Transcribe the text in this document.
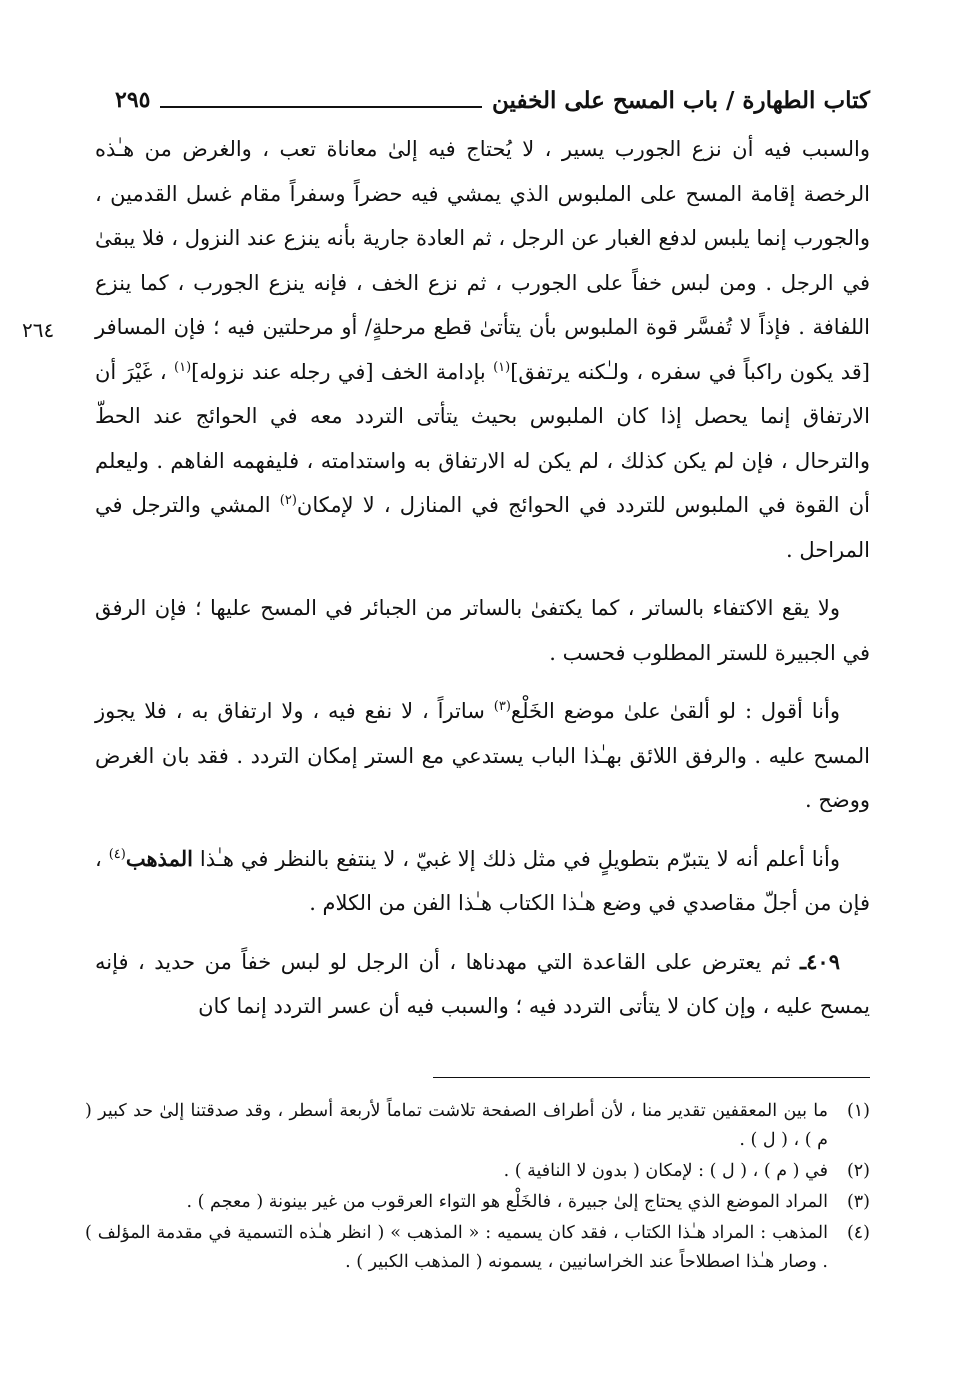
كتاب الطهارة / باب المسح على الخفين
٢٩٥
٢٦٤

والسبب فيه أن نزع الجورب يسير ، لا يُحتاج فيه إلىٰ معاناة تعب ، والغرض من هـٰذه الرخصة إقامة المسح على الملبوس الذي يمشي فيه حضراً وسفراً مقام غسل القدمين ، والجورب إنما يلبس لدفع الغبار عن الرجل ، ثم العادة جارية بأنه ينزع عند النزول ، فلا يبقىٰ في الرجل . ومن لبس خفاً على الجورب ، ثم نزع الخف ، فإنه ينزع الجورب ، كما ينزع اللفافة . فإذاً لا تُفسَّر قوة الملبوس بأن يتأتىٰ قطع مرحلةٍ/ أو مرحلتين فيه ؛ فإن المسافر [قد يكون راكباً في سفره ، ولـٰكنه يرتفق]$^{(١)}$ بإدامة الخف [في رجله عند نزوله]$^{(١)}$ ، غَيْرَ أن الارتفاق إنما يحصل إذا كان الملبوس بحيث يتأتى التردد معه في الحوائج عند الحطّ والترحال ، فإن لم يكن كذلك ، لم يكن له الارتفاق به واستدامته ، فليفهمه الفاهم . وليعلم أن القوة في الملبوس للتردد في الحوائج في المنازل ، لا لإمكان$^{(٢)}$ المشي والترجل في المراحل .

ولا يقع الاكتفاء بالساتر ، كما يكتفىٰ بالساتر من الجبائر في المسح عليها ؛ فإن الرفق في الجبيرة للستر المطلوب فحسب .

وأنا أقول : لو ألقىٰ علىٰ موضع الخَلْع$^{(٣)}$ ساتراً ، لا نفع فيه ، ولا ارتفاق به ، فلا يجوز المسح عليه . والرفق اللائق بهـٰذا الباب يستدعي مع الستر إمكان التردد . فقد بان الغرض ووضح .

وأنا أعلم أنه لا يتبرّم بتطويلٍ في مثل ذلك إلا غبيّ ، لا ينتفع بالنظر في هـٰذا المذهب$^{(٤)}$ ، فإن من أجلّ مقاصدي في وضع هـٰذا الكتاب هـٰذا الفن من الكلام .

٤٠٩ـ ثم يعترض على القاعدة التي مهدناها ، أن الرجل لو لبس خفاً من حديد ، فإنه يمسح عليه ، وإن كان لا يتأتى التردد فيه ؛ والسبب فيه أن عسر التردد إنما كان

(١)
ما بين المعقفين تقدير منا ، لأن أطراف الصفحة تلاشت تماماً لأربعة أسطر ، وقد صدقتنا إلىٰ حد كبير ( م ) ، ( ل ) .
(٢)
في ( م ) ، ( ل ) : لإمكان ( بدون لا النافية ) .
(٣)
المراد الموضع الذي يحتاج إلىٰ جبيرة ، فالخَلْع هو التواء العرقوب من غير بينونة ( معجم ) .
(٤)
المذهب : المراد هـٰذا الكتاب ، فقد كان يسميه : « المذهب » ( انظر هـٰذه التسمية في مقدمة المؤلف ) . وصار هـٰذا اصطلاحاً عند الخراسانيين ، يسمونه ( المذهب الكبير ) .
